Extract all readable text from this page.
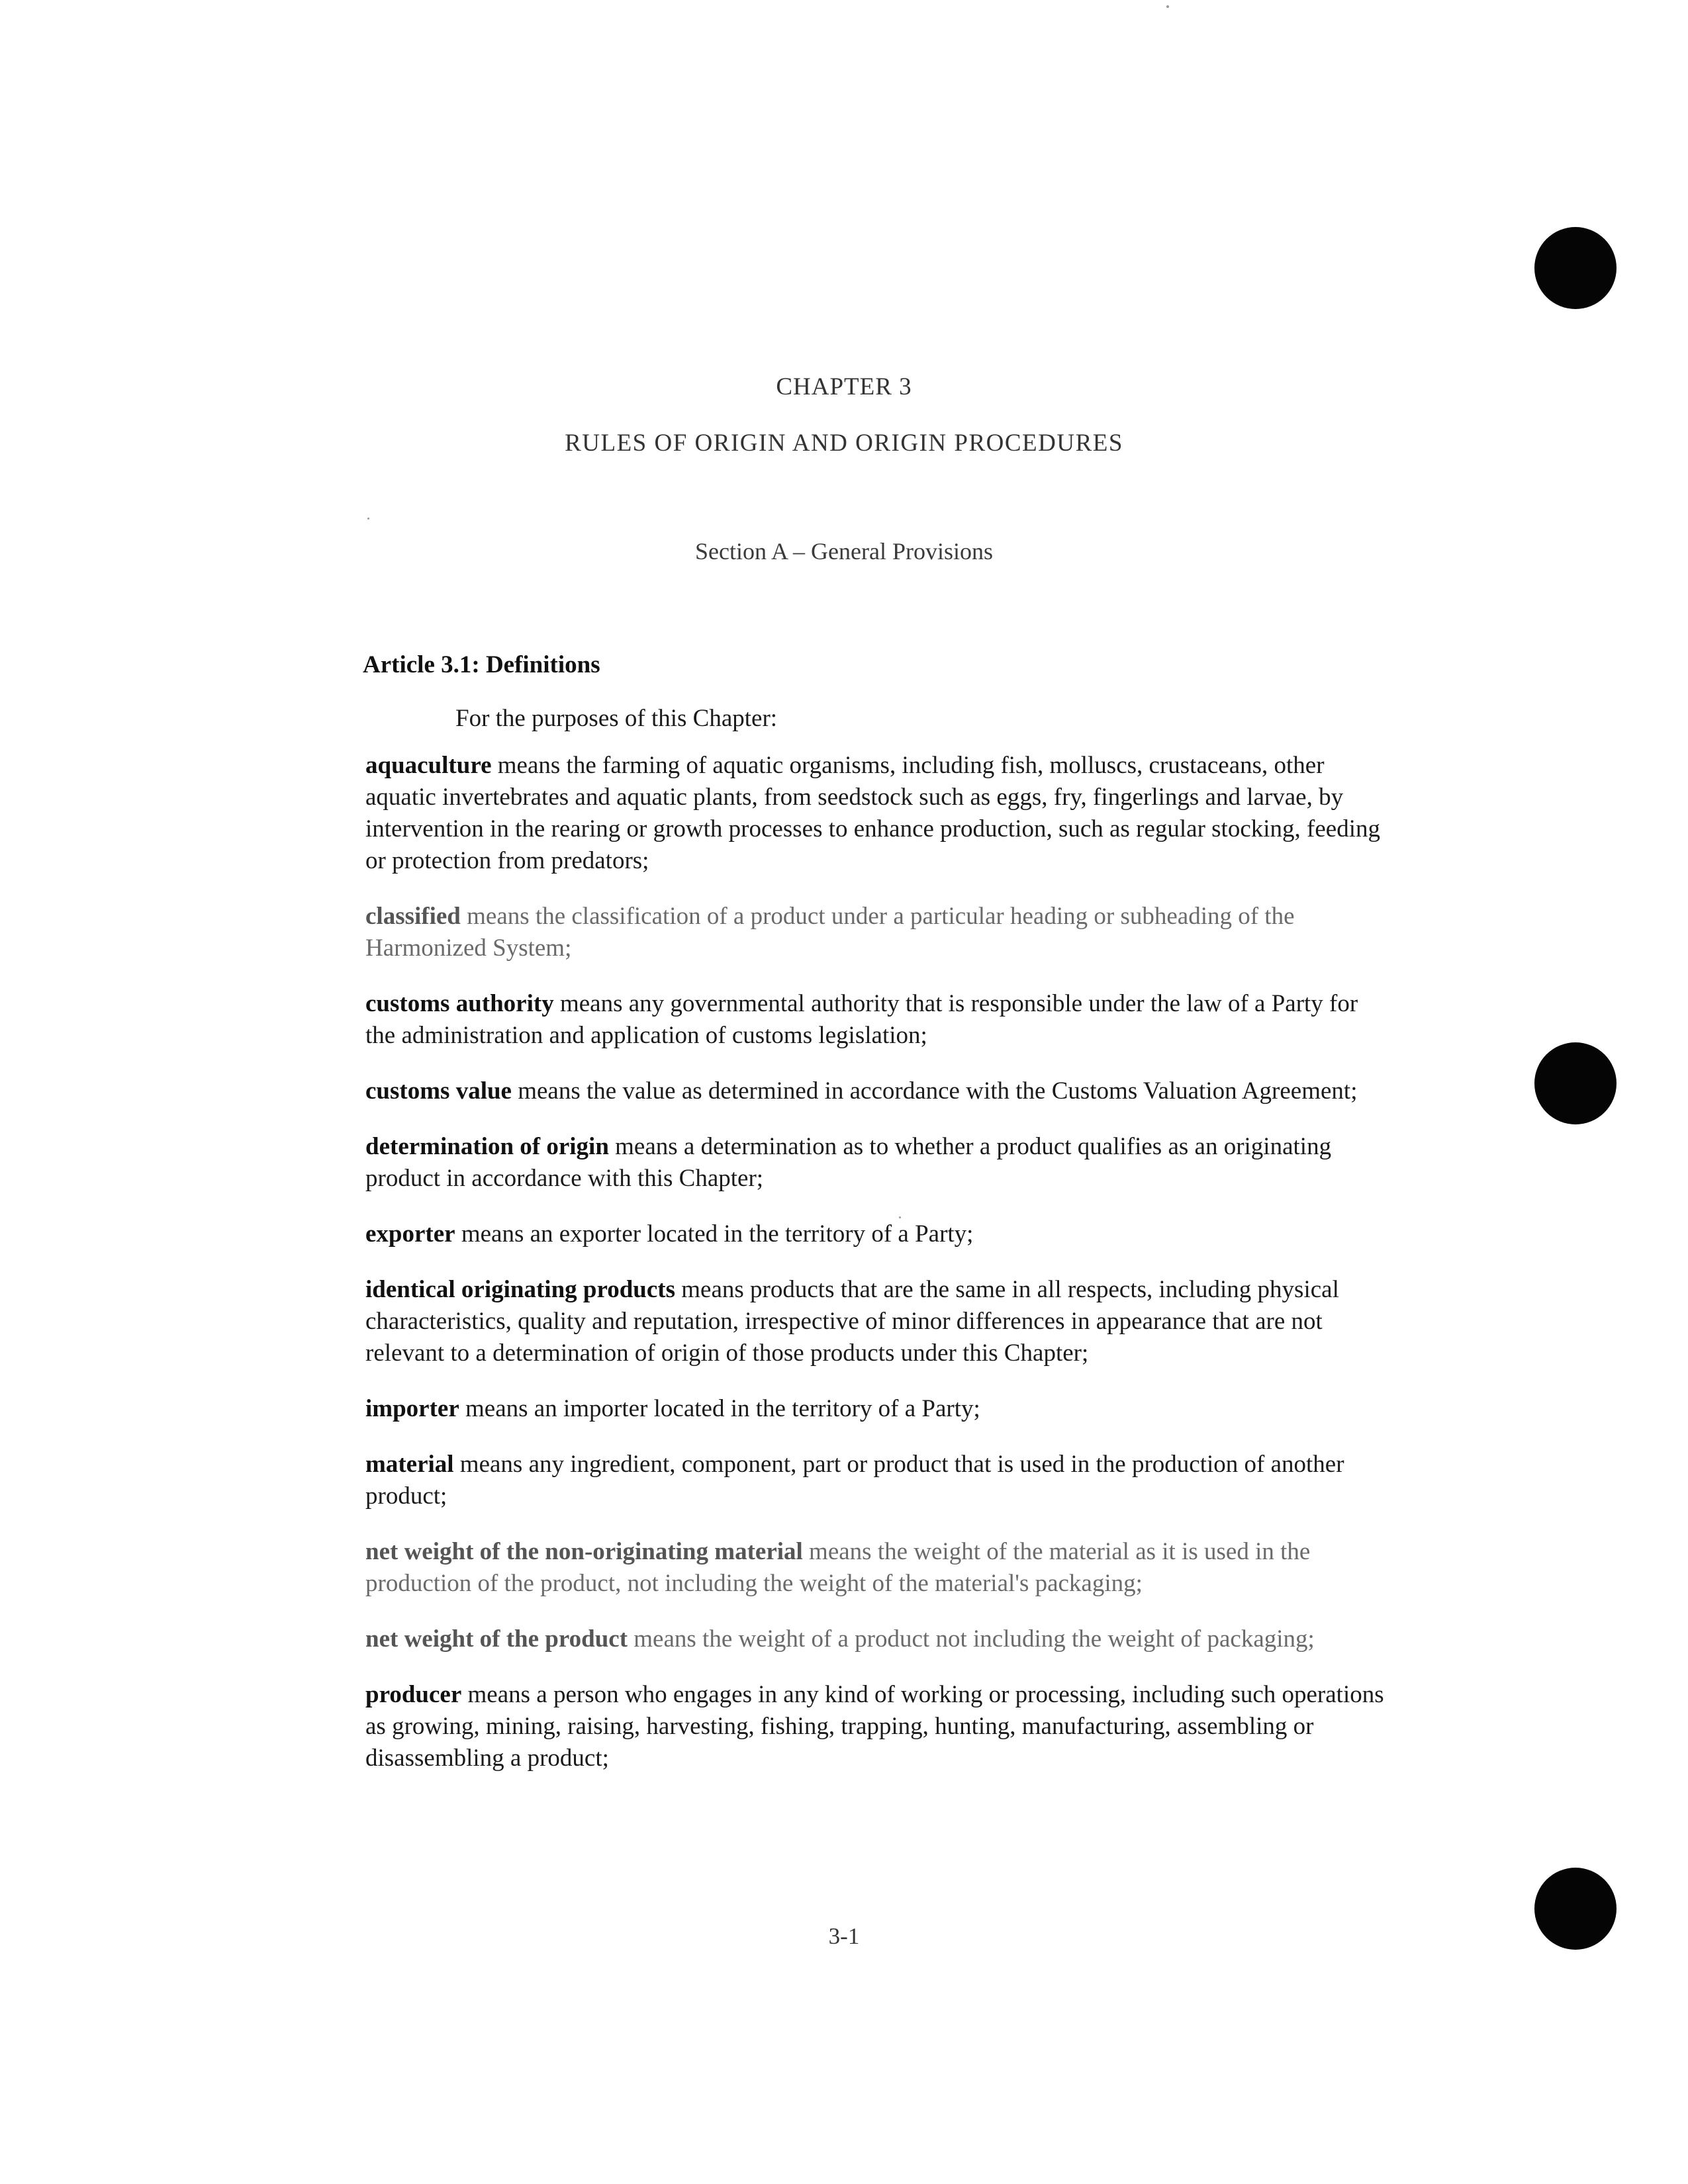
CHAPTER 3
RULES OF ORIGIN AND ORIGIN PROCEDURES
Section A – General Provisions
Article 3.1: Definitions
For the purposes of this Chapter:

aquaculture means the farming of aquatic organisms, including fish, molluscs, crustaceans, other aquatic invertebrates and aquatic plants, from seedstock such as eggs, fry, fingerlings and larvae, by intervention in the rearing or growth processes to enhance production, such as regular stocking, feeding or protection from predators;

classified means the classification of a product under a particular heading or subheading of the Harmonized System;

customs authority means any governmental authority that is responsible under the law of a Party for the administration and application of customs legislation;

customs value means the value as determined in accordance with the Customs Valuation Agreement;

determination of origin means a determination as to whether a product qualifies as an originating product in accordance with this Chapter;

exporter means an exporter located in the territory of a Party;

identical originating products means products that are the same in all respects, including physical characteristics, quality and reputation, irrespective of minor differences in appearance that are not relevant to a determination of origin of those products under this Chapter;

importer means an importer located in the territory of a Party;

material means any ingredient, component, part or product that is used in the production of another product;

net weight of the non-originating material means the weight of the material as it is used in the production of the product, not including the weight of the material's packaging;

net weight of the product means the weight of a product not including the weight of packaging;

producer means a person who engages in any kind of working or processing, including such operations as growing, mining, raising, harvesting, fishing, trapping, hunting, manufacturing, assembling or disassembling a product;

3-1
